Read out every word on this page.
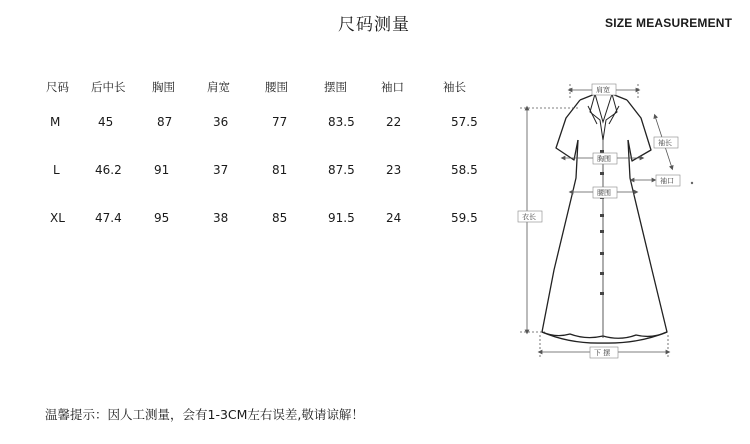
尺码测量	SIZE MEASUREMENT
尺码 后中长 胸围	肩宽	腰围	摆围	袖口	袖长
M	45	87	36	77	83.5	22	57.5
L	46.2	91	37	81	87.5	23	58.5
XL	47.4	95	38	85	91.5	24	59.5
肩宽
袖长
胸围
袖口
腰围
衣长
下 摆
温馨提示：因人工测量，会有1-3CM左右误差,敬请谅解！
